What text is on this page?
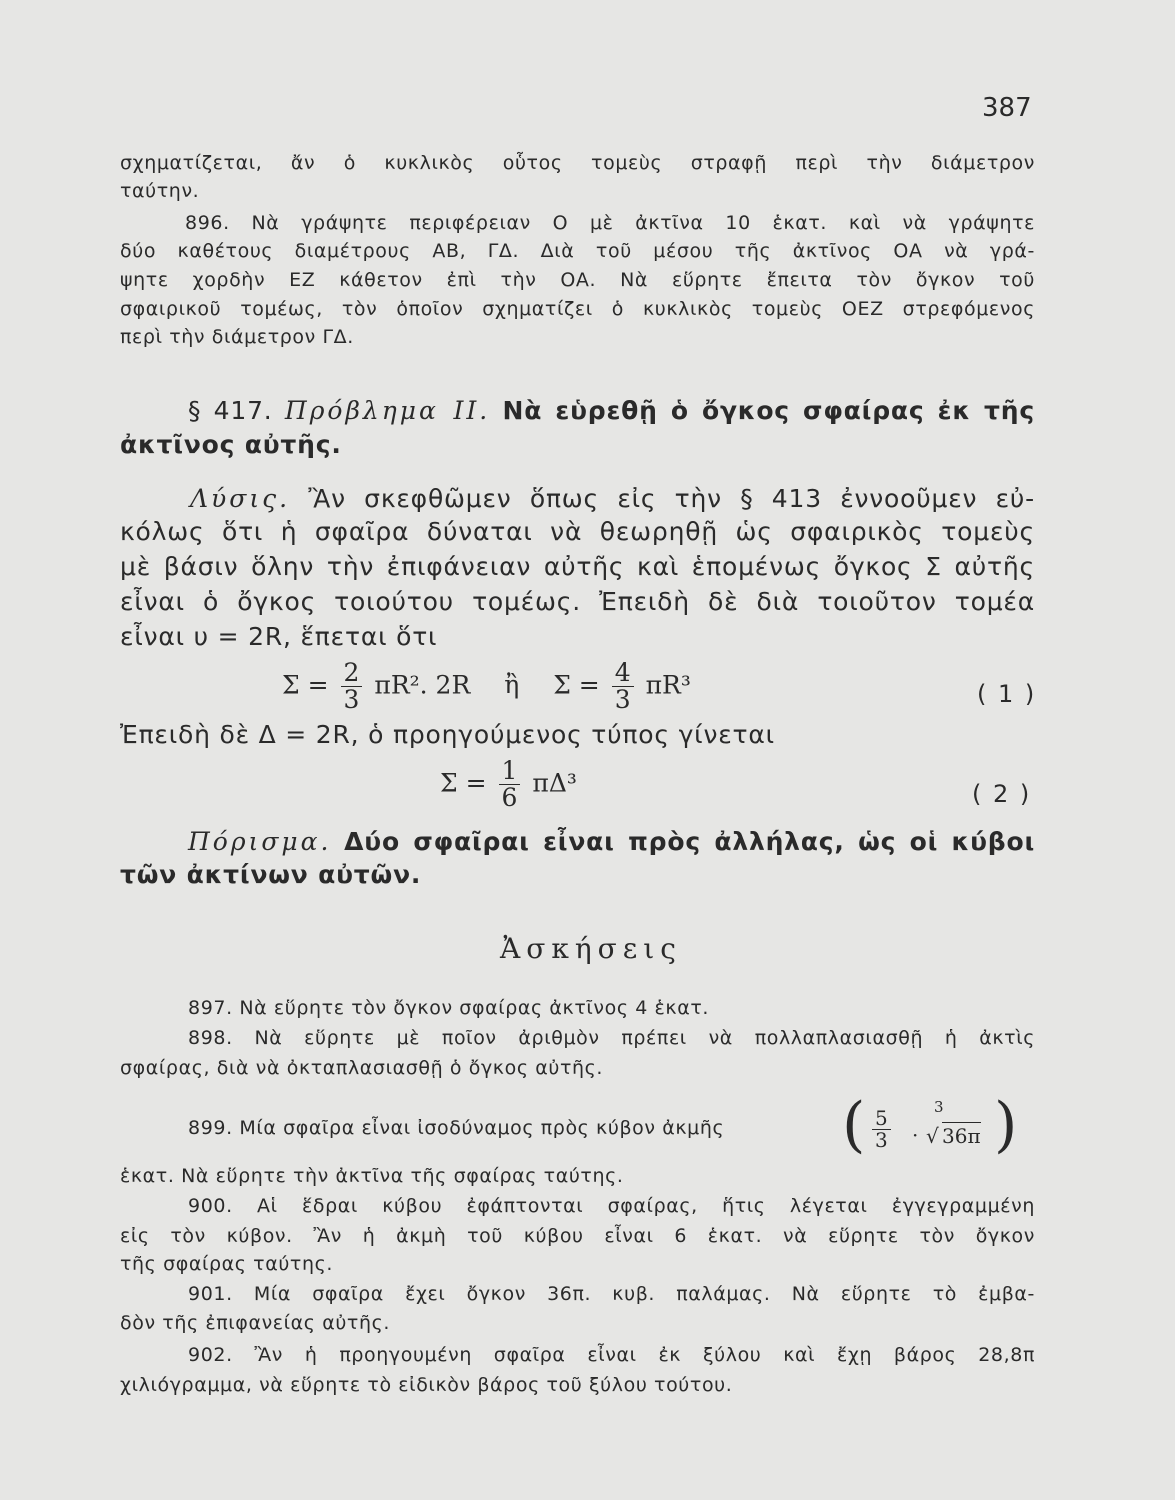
387
σχηματίζεται, ἄν ὁ κυκλικὸς οὗτος τομεὺς στραφῇ περὶ τὴν διάμετρον
ταύτην.
896. Νὰ γράψητε περιφέρειαν Ο μὲ ἀκτῖνα 10 ἑκατ. καὶ νὰ γράψητε
δύο καθέτους διαμέτρους ΑΒ, ΓΔ. Διὰ τοῦ μέσου τῆς ἀκτῖνος ΟΑ νὰ γρά-
ψητε χορδὴν ΕΖ κάθετον ἐπὶ τὴν ΟΑ. Νὰ εὕρητε ἔπειτα τὸν ὄγκον τοῦ
σφαιρικοῦ τομέως, τὸν ὁποῖον σχηματίζει ὁ κυκλικὸς τομεὺς ΟΕΖ στρεφόμενος
περὶ τὴν διάμετρον ΓΔ.
§ 417. Πρόβλημα ΙΙ. Νὰ εὑρεθῇ ὁ ὄγκος σφαίρας ἐκ τῆς
ἀκτῖνος αὐτῆς.
Λύσις. Ἂν σκεφθῶμεν ὅπως εἰς τὴν § 413 ἐννοοῦμεν εὐ-
κόλως ὅτι ἡ σφαῖρα δύναται νὰ θεωρηθῇ ὡς σφαιρικὸς τομεὺς
μὲ βάσιν ὅλην τὴν ἐπιφάνειαν αὐτῆς καὶ ἑπομένως ὄγκος Σ αὐτῆς
εἶναι ὁ ὄγκος τοιούτου τομέως. Ἐπειδὴ δὲ διὰ τοιοῦτον τομέα
εἶναι υ = 2R, ἕπεται ὅτι
$\Sigma = \frac{2}{3} \pi R^2$. 2R ἢ $\Sigma = \frac{4}{3} \pi R^3$	( 1 )
Ἐπειδὴ δὲ Δ = 2R, ὁ προηγούμενος τύπος γίνεται
$\Sigma = \frac{1}{6} \pi\Delta^3$	( 2 )
Πόρισμα. Δύο σφαῖραι εἶναι πρὸς ἀλλήλας, ὡς οἱ κύβοι
τῶν ἀκτίνων αὐτῶν.
Ἀσκήσεις
897. Νὰ εὕρητε τὸν ὄγκον σφαίρας ἀκτῖνος 4 ἑκατ.
898. Νὰ εὕρητε μὲ ποῖον ἀριθμὸν πρέπει νὰ πολλαπλασιασθῇ ἡ ἀκτὶς
σφαίρας, διὰ νὰ ὀκταπλασιασθῇ ὁ ὄγκος αὐτῆς.
899. Μία σφαῖρα εἶναι ἰσοδύναμος πρὸς κύβον ἀκμῆς ( $\frac{5}{3}$ ·
3
√ 36π )
ἑκατ. Νὰ εὕρητε τὴν ἀκτῖνα τῆς σφαίρας ταύτης.
900. Αἱ ἕδραι κύβου ἐφάπτονται σφαίρας, ἥτις λέγεται ἐγγεγραμμένη
εἰς τὸν κύβον. Ἂν ἡ ἀκμὴ τοῦ κύβου εἶναι 6 ἑκατ. νὰ εὕρητε τὸν ὄγκον
τῆς σφαίρας ταύτης.
901. Μία σφαῖρα ἔχει ὄγκον 36π. κυβ. παλάμας. Νὰ εὕρητε τὸ ἐμβα-
δὸν τῆς ἐπιφανείας αὐτῆς.
902. Ἂν ἡ προηγουμένη σφαῖρα εἶναι ἐκ ξύλου καὶ ἔχῃ βάρος 28,8π
χιλιόγραμμα, νὰ εὕρητε τὸ εἰδικὸν βάρος τοῦ ξύλου τούτου.
